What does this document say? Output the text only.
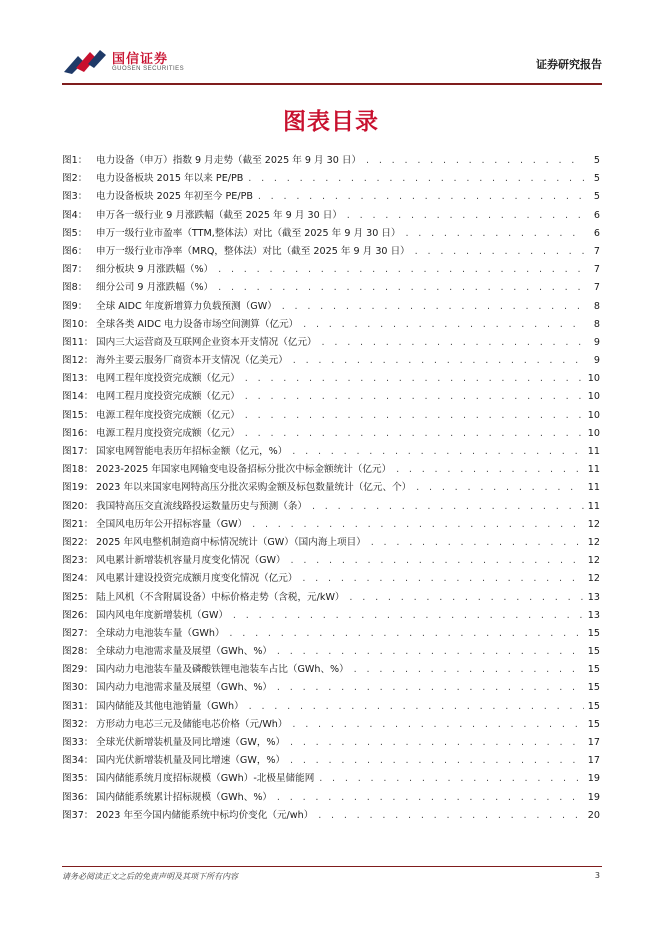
国信证券
GUOSEN SECURITIES	证券研究报告
图表目录
图1： 电力设备（申万）指数 9 月走势（截至 2025 年 9 月 30 日） . . .	5
图2： 电力设备板块 2015 年以来 PE/PB . . .	5
图3： 电力设备板块 2025 年初至今 PE/PB . . .	5
图4： 申万各一级行业 9 月涨跌幅（截至 2025 年 9 月 30 日） . . .	6
图5： 申万一级行业市盈率（TTM,整体法）对比（截至 2025 年 9 月 30 日） . . .	6
图6： 申万一级行业市净率（MRQ，整体法）对比（截至 2025 年 9 月 30 日） . . .	7
图7： 细分板块 9 月涨跌幅（%） . . .	7
图8： 细分公司 9 月涨跌幅（%） . . .	7
图9： 全球 AIDC 年度新增算力负载预测（GW） . . .	8
图10： 全球各类 AIDC 电力设备市场空间测算（亿元） . . .	8
图11： 国内三大运营商及互联网企业资本开支情况（亿元） . . .	9
图12： 海外主要云服务厂商资本开支情况（亿美元） . . .	9
图13： 电网工程年度投资完成额（亿元） . . .	10
图14： 电网工程月度投资完成额（亿元） . . .	10
图15： 电源工程年度投资完成额（亿元） . . .	10
图16： 电源工程月度投资完成额（亿元） . . .	10
图17： 国家电网智能电表历年招标金额（亿元，%） . . .	11
图18： 2023-2025 年国家电网输变电设备招标分批次中标金额统计（亿元） . . .	11
图19： 2023 年以来国家电网特高压分批次采购金额及标包数量统计（亿元、个） . . .	11
图20： 我国特高压交直流线路投运数量历史与预测（条） . . .	11
图21： 全国风电历年公开招标容量（GW） . . .	12
图22： 2025 年风电整机制造商中标情况统计（GW）（国内海上项目） . . .	12
图23： 风电累计新增装机容量月度变化情况（GW） . . .	12
图24： 风电累计建设投资完成额月度变化情况（亿元） . . .	12
图25： 陆上风机（不含附属设备）中标价格走势（含税，元/kW） . . .	13
图26： 国内风电年度新增装机（GW） . . .	13
图27： 全球动力电池装车量（GWh） . . .	15
图28： 全球动力电池需求量及展望（GWh、%） . . .	15
图29： 国内动力电池装车量及磷酸铁锂电池装车占比（GWh、%） . . .	15
图30： 国内动力电池需求量及展望（GWh、%） . . .	15
图31： 国内储能及其他电池销量（GWh） . . .	15
图32： 方形动力电芯三元及储能电芯价格（元/Wh） . . .	15
图33： 全球光伏新增装机量及同比增速（GW，%） . . .	17
图34： 国内光伏新增装机量及同比增速（GW，%） . . .	17
图35： 国内储能系统月度招标规模（GWh）-北极星储能网 . . .	19
图36： 国内储能系统累计招标规模（GWh、%） . . .	19
图37： 2023 年至今国内储能系统中标均价变化（元/wh） . . .	20
请务必阅读正文之后的免责声明及其项下所有内容	3
